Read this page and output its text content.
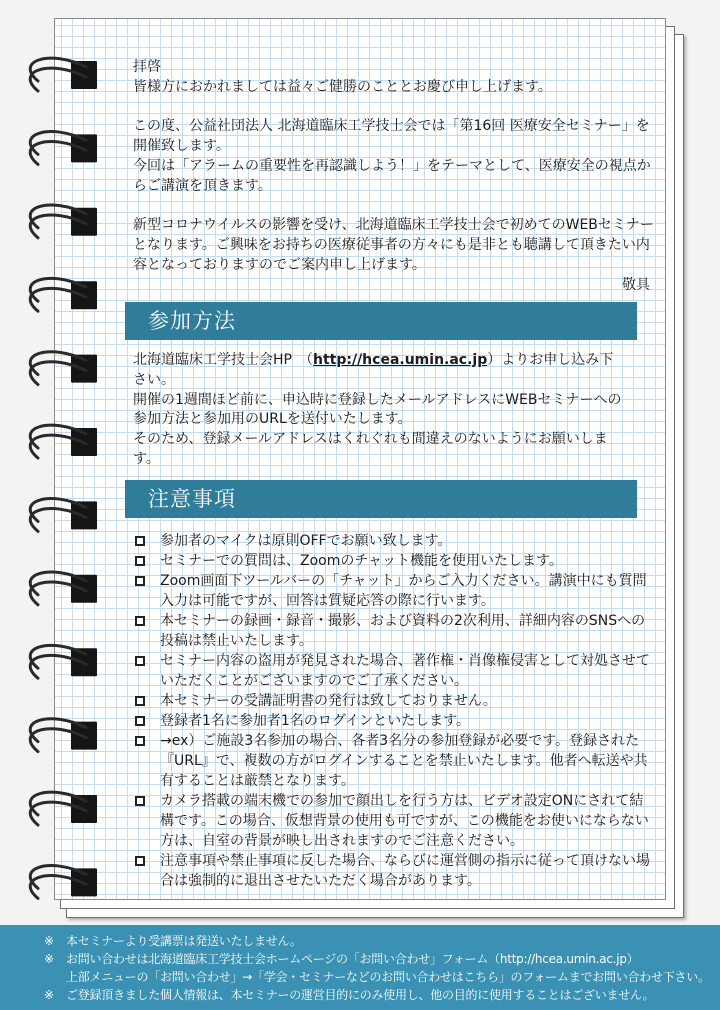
拝啓

皆様方におかれましては益々ご健勝のこととお慶び申し上げます。

この度、公益社団法人 北海道臨床工学技士会では「第16回 医療安全セミナー」を開催致します。

今回は「アラームの重要性を再認識しよう！」をテーマとして、医療安全の視点からご講演を頂きます。

新型コロナウイルスの影響を受け、北海道臨床工学技士会で初めてのWEBセミナーとなります。ご興味をお持ちの医療従事者の方々にも是非とも聴講して頂きたい内容となっておりますのでご案内申し上げます。

敬具

参加方法

北海道臨床工学技士会HP　（http://hcea.umin.ac.jp）よりお申し込み下さい。

開催の1週間ほど前に、申込時に登録したメールアドレスにWEBセミナーへの参加方法と参加用のURLを送付いたします。

そのため、登録メールアドレスはくれぐれも間違えのないようにお願いします。

注意事項
参加者のマイクは原則OFFでお願い致します。
セミナーでの質問は、Zoomのチャット機能を使用いたします。
Zoom画面下ツールバーの「チャット」からご入力ください。講演中にも質問入力は可能ですが、回答は質疑応答の際に行います。
本セミナーの録画・録音・撮影、および資料の2次利用、詳細内容のSNSへの投稿は禁止いたします。
セミナー内容の盗用が発見された場合、著作権・肖像権侵害として対処させていただくことがございますのでご了承ください。
本セミナーの受講証明書の発行は致しておりません。
登録者1名に参加者1名のログインといたします。
→ex）ご施設3名参加の場合、各者3名分の参加登録が必要です。登録された『URL』で、複数の方がログインすることを禁止いたします。他者へ転送や共有することは厳禁となります。
カメラ搭載の端末機での参加で顔出しを行う方は、ビデオ設定ONにされて結構です。この場合、仮想背景の使用も可ですが、この機能をお使いにならない方は、自室の背景が映し出されますのでご注意ください。
注意事項や禁止事項に反した場合、ならびに運営側の指示に従って頂けない場合は強制的に退出させたいただく場合があります。
※	本セミナーより受講票は発送いたしません。
※	お問い合わせは北海道臨床工学技士会ホームページの「お問い合わせ」フォーム（http://hcea.umin.ac.jp）
上部メニューの「お問い合わせ」→「学会・セミナーなどのお問い合わせはこちら」のフォームまでお問い合わせ下さい。
※	ご登録頂きました個人情報は、本セミナーの運営目的にのみ使用し、他の目的に使用することはございません。
